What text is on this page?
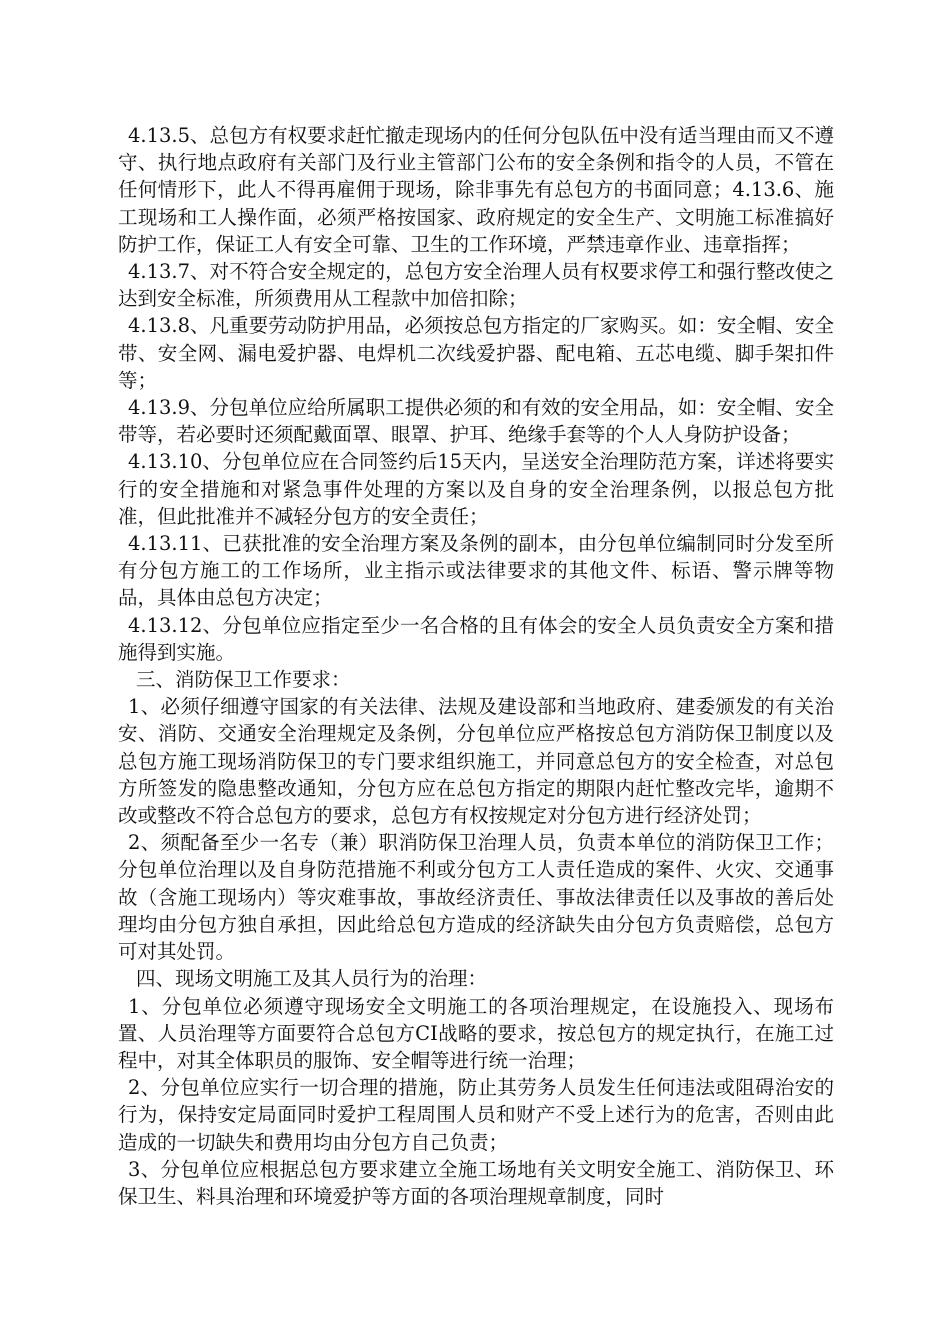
4.13.5、总包方有权要求赶忙撤走现场内的任何分包队伍中没有适当理由而又不遵守、执行地点政府有关部门及行业主管部门公布的安全条例和指令的人员，不管在任何情形下，此人不得再雇佣于现场，除非事先有总包方的书面同意；4.13.6、施工现场和工人操作面，必须严格按国家、政府规定的安全生产、文明施工标准搞好防护工作，保证工人有安全可靠、卫生的工作环境，严禁违章作业、违章指挥；

4.13.7、对不符合安全规定的，总包方安全治理人员有权要求停工和强行整改使之达到安全标准，所须费用从工程款中加倍扣除；

4.13.8、凡重要劳动防护用品，必须按总包方指定的厂家购买。如：安全帽、安全带、安全网、漏电爱护器、电焊机二次线爱护器、配电箱、五芯电缆、脚手架扣件等；

4.13.9、分包单位应给所属职工提供必须的和有效的安全用品，如：安全帽、安全带等，若必要时还须配戴面罩、眼罩、护耳、绝缘手套等的个人人身防护设备；

4.13.10、分包单位应在合同签约后15天内，呈送安全治理防范方案，详述将要实行的安全措施和对紧急事件处理的方案以及自身的安全治理条例，以报总包方批准，但此批准并不减轻分包方的安全责任；

4.13.11、已获批准的安全治理方案及条例的副本，由分包单位编制同时分发至所有分包方施工的工作场所，业主指示或法律要求的其他文件、标语、警示牌等物品，具体由总包方决定；

4.13.12、分包单位应指定至少一名合格的且有体会的安全人员负责安全方案和措施得到实施。

三、消防保卫工作要求：

1、必须仔细遵守国家的有关法律、法规及建设部和当地政府、建委颁发的有关治安、消防、交通安全治理规定及条例，分包单位应严格按总包方消防保卫制度以及总包方施工现场消防保卫的专门要求组织施工，并同意总包方的安全检查，对总包方所签发的隐患整改通知，分包方应在总包方指定的期限内赶忙整改完毕，逾期不改或整改不符合总包方的要求，总包方有权按规定对分包方进行经济处罚；

2、须配备至少一名专（兼）职消防保卫治理人员，负责本单位的消防保卫工作；分包单位治理以及自身防范措施不利或分包方工人责任造成的案件、火灾、交通事故（含施工现场内）等灾难事故，事故经济责任、事故法律责任以及事故的善后处理均由分包方独自承担，因此给总包方造成的经济缺失由分包方负责赔偿，总包方可对其处罚。

四、现场文明施工及其人员行为的治理：

1、分包单位必须遵守现场安全文明施工的各项治理规定，在设施投入、现场布置、人员治理等方面要符合总包方CI战略的要求，按总包方的规定执行，在施工过程中，对其全体职员的服饰、安全帽等进行统一治理；

2、分包单位应实行一切合理的措施，防止其劳务人员发生任何违法或阻碍治安的行为，保持安定局面同时爱护工程周围人员和财产不受上述行为的危害，否则由此造成的一切缺失和费用均由分包方自己负责；

3、分包单位应根据总包方要求建立全施工场地有关文明安全施工、消防保卫、环保卫生、料具治理和环境爱护等方面的各项治理规章制度，同时
